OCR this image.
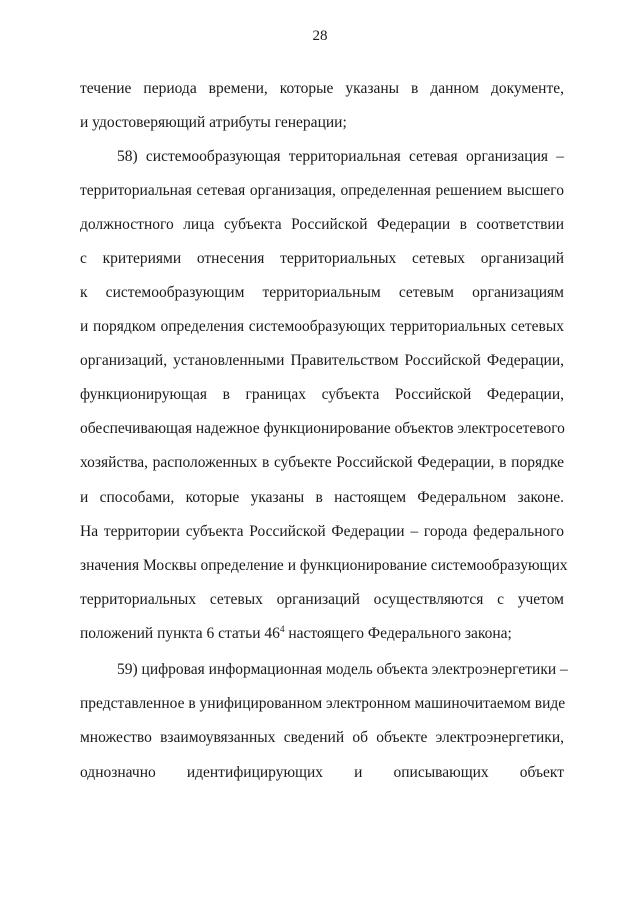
28
течение периода времени, которые указаны в данном документе,
и удостоверяющий атрибуты генерации;
58) системообразующая территориальная сетевая организация –
территориальная сетевая организация, определенная решением высшего
должностного лица субъекта Российской Федерации в соответствии
с критериями отнесения территориальных сетевых организаций
к системообразующим территориальным сетевым организациям
и порядком определения системообразующих территориальных сетевых
организаций, установленными Правительством Российской Федерации,
функционирующая в границах субъекта Российской Федерации,
обеспечивающая надежное функционирование объектов электросетевого
хозяйства, расположенных в субъекте Российской Федерации, в порядке
и способами, которые указаны в настоящем Федеральном законе.
На территории субъекта Российской Федерации – города федерального
значения Москвы определение и функционирование системообразующих
территориальных сетевых организаций осуществляются с учетом
положений пункта 6 статьи $46^4$ настоящего Федерального закона;
59) цифровая информационная модель объекта электроэнергетики –
представленное в унифицированном электронном машиночитаемом виде
множество взаимоувязанных сведений об объекте электроэнергетики,
однозначно идентифицирующих и описывающих объект
